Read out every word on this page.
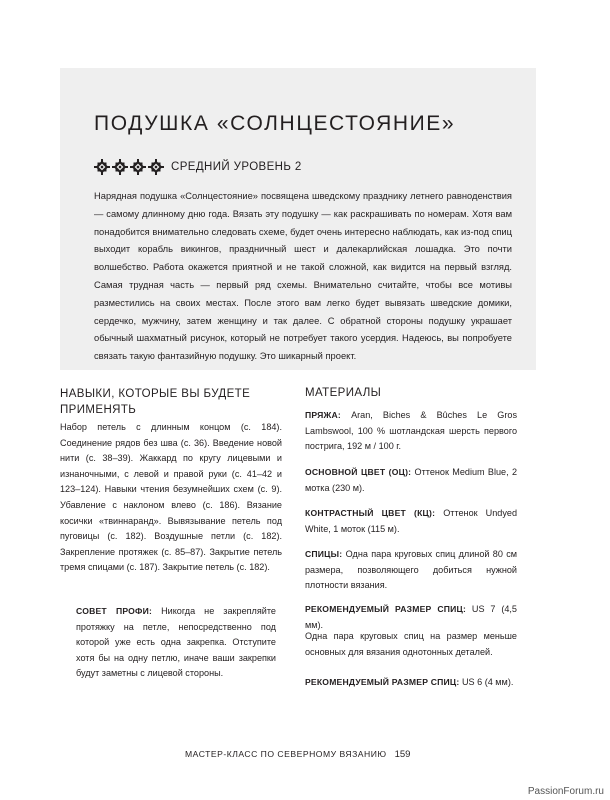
ПОДУШКА «СОЛНЦЕСТОЯНИЕ»
СРЕДНИЙ УРОВЕНЬ 2

Нарядная подушка «Солнцестояние» посвящена шведскому празднику летнего равноденствия — самому длинному дню года. Вязать эту подушку — как раскрашивать по номерам. Хотя вам понадобится внимательно следовать схеме, будет очень интересно наблюдать, как из-под спиц выходит корабль викингов, праздничный шест и далекарлийская лошадка. Это почти волшебство. Работа окажется приятной и не такой сложной, как видится на первый взгляд. Самая трудная часть — первый ряд схемы. Внимательно считайте, чтобы все мотивы разместились на своих местах. После этого вам легко будет вывязать шведские домики, сердечко, мужчину, затем женщину и так далее. С обратной стороны подушку украшает обычный шахматный рисунок, который не потребует такого усердия. Надеюсь, вы попробуете связать такую фантазийную подушку. Это шикарный проект.

НАВЫКИ, КОТОРЫЕ ВЫ БУДЕТЕ ПРИМЕНЯТЬ

Набор петель с длинным концом (с. 184). Соединение рядов без шва (с. 36). Введение новой нити (с. 38–39). Жаккард по кругу лицевыми и изнаночными, с левой и правой руки (с. 41–42 и 123–124). Навыки чтения безумнейших схем (с. 9). Убавление с наклоном влево (с. 186). Вязание косички «твиннаранд». Вывязывание петель под пуговицы (с. 182). Воздушные петли (с. 182). Закрепление протяжек (с. 85–87). Закрытие петель тремя спицами (с. 187). Закрытие петель (с. 182).

СОВЕТ ПРОФИ: Никогда не закрепляйте протяжку на петле, непосредственно под которой уже есть одна закрепка. Отступите хотя бы на одну петлю, иначе ваши закрепки будут заметны с лицевой стороны.

МАТЕРИАЛЫ

ПРЯЖА: Aran, Biches & Bûches Le Gros Lambswool, 100 % шотландская шерсть первого пострига, 192 м / 100 г.

ОСНОВНОЙ ЦВЕТ (ОЦ): Оттенок Medium Blue, 2 мотка (230 м).

КОНТРАСТНЫЙ ЦВЕТ (КЦ): Оттенок Undyed White, 1 моток (115 м).

СПИЦЫ: Одна пара круговых спиц длиной 80 см размера, позволяющего добиться нужной плотности вязания.

РЕКОМЕНДУЕМЫЙ РАЗМЕР СПИЦ: US 7 (4,5 мм).

Одна пара круговых спиц на размер меньше основных для вязания однотонных деталей.

РЕКОМЕНДУЕМЫЙ РАЗМЕР СПИЦ: US 6 (4 мм).

МАСТЕР-КЛАСС ПО СЕВЕРНОМУ ВЯЗАНИЮ 159
PassionForum.ru
